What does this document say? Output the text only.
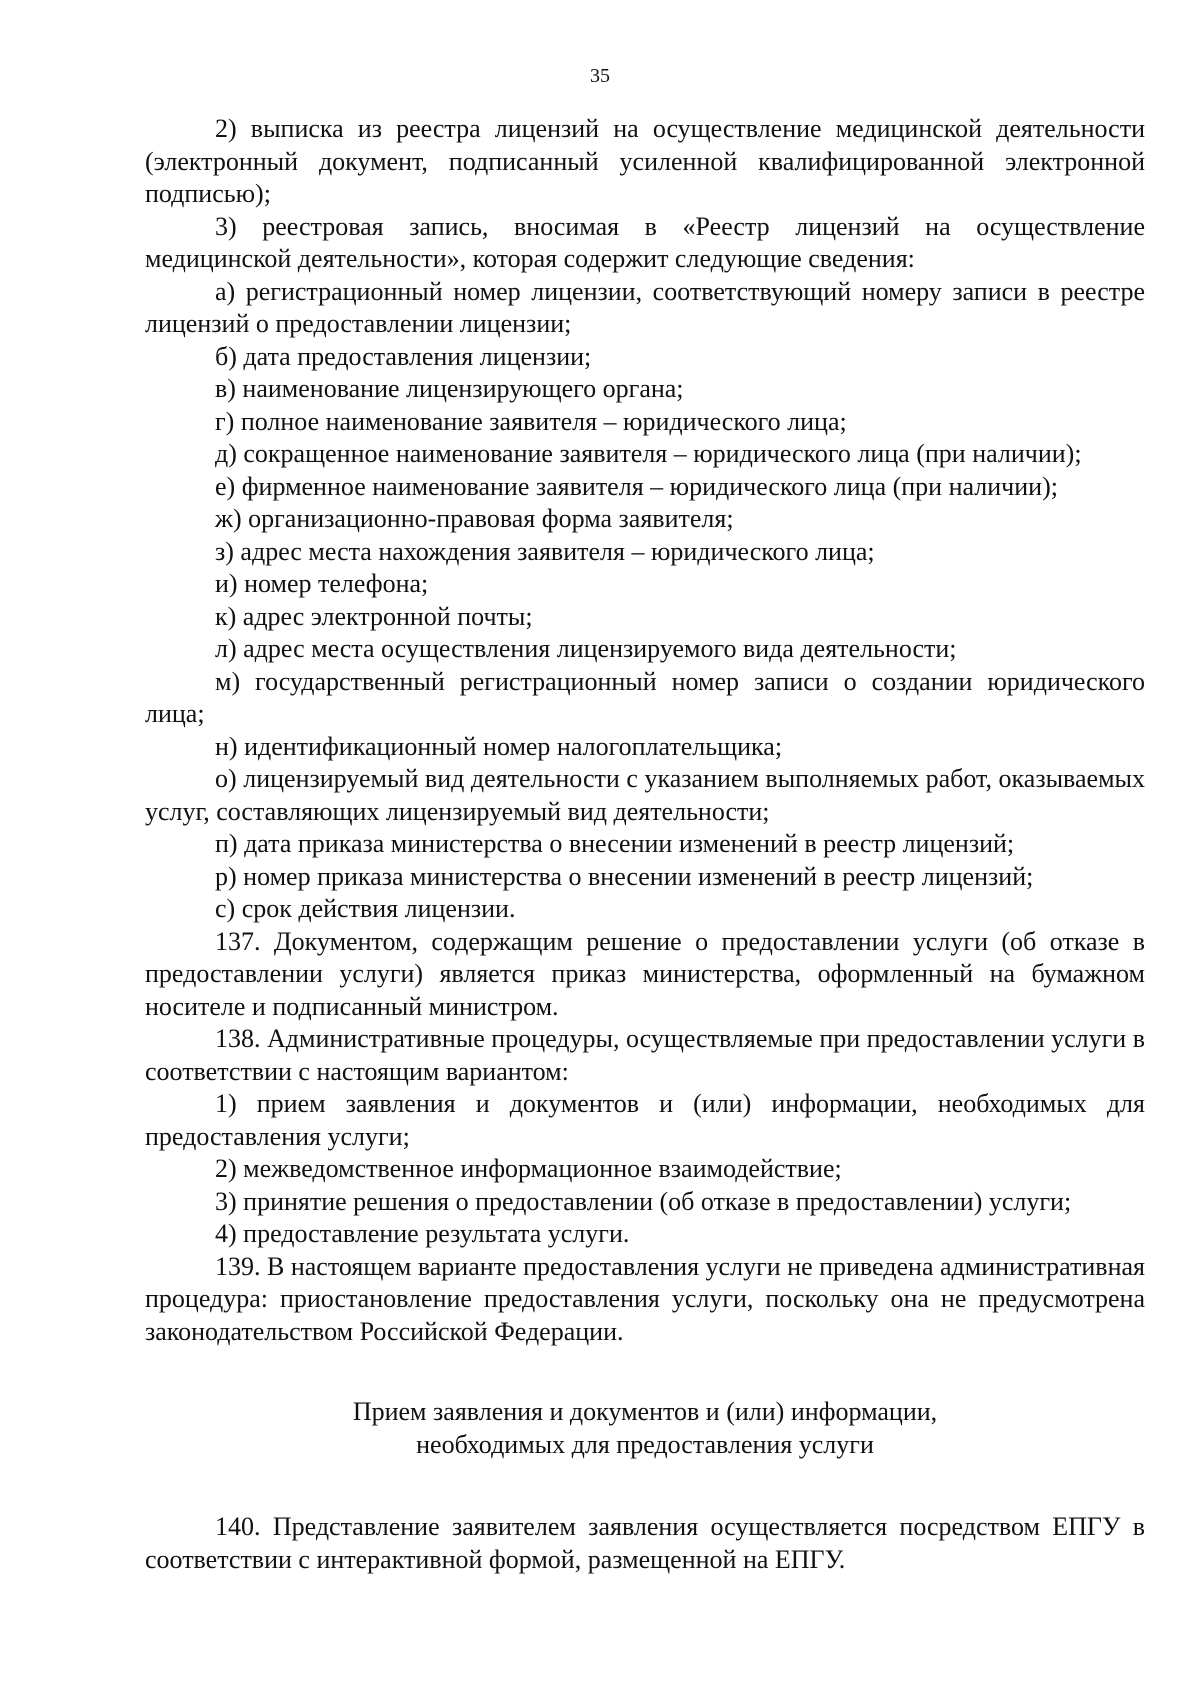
35

2) выписка из реестра лицензий на осуществление медицинской деятельности (электронный документ, подписанный усиленной квалифицированной электронной подписью);

3) реестровая запись, вносимая в «Реестр лицензий на осуществление медицинской деятельности», которая содержит следующие сведения:

а) регистрационный номер лицензии, соответствующий номеру записи в реестре лицензий о предоставлении лицензии;

б) дата предоставления лицензии;

в) наименование лицензирующего органа;

г) полное наименование заявителя – юридического лица;

д) сокращенное наименование заявителя – юридического лица (при наличии);

е) фирменное наименование заявителя – юридического лица (при наличии);

ж) организационно-правовая форма заявителя;

з) адрес места нахождения заявителя – юридического лица;

и) номер телефона;

к) адрес электронной почты;

л) адрес места осуществления лицензируемого вида деятельности;

м) государственный регистрационный номер записи о создании юридического лица;

н) идентификационный номер налогоплательщика;

о) лицензируемый вид деятельности с указанием выполняемых работ, оказываемых услуг, составляющих лицензируемый вид деятельности;

п) дата приказа министерства о внесении изменений в реестр лицензий;

р) номер приказа министерства о внесении изменений в реестр лицензий;

с) срок действия лицензии.

137. Документом, содержащим решение о предоставлении услуги (об отказе в предоставлении услуги) является приказ министерства, оформленный на бумажном носителе и подписанный министром.

138. Административные процедуры, осуществляемые при предоставлении услуги в соответствии с настоящим вариантом:

1) прием заявления и документов и (или) информации, необходимых для предоставления услуги;

2) межведомственное информационное взаимодействие;

3) принятие решения о предоставлении (об отказе в предоставлении) услуги;

4) предоставление результата услуги.

139. В настоящем варианте предоставления услуги не приведена административная процедура: приостановление предоставления услуги, поскольку она не предусмотрена законодательством Российской Федерации.

Прием заявления и документов и (или) информации,
необходимых для предоставления услуги

140. Представление заявителем заявления осуществляется посредством ЕПГУ в соответствии с интерактивной формой, размещенной на ЕПГУ.
